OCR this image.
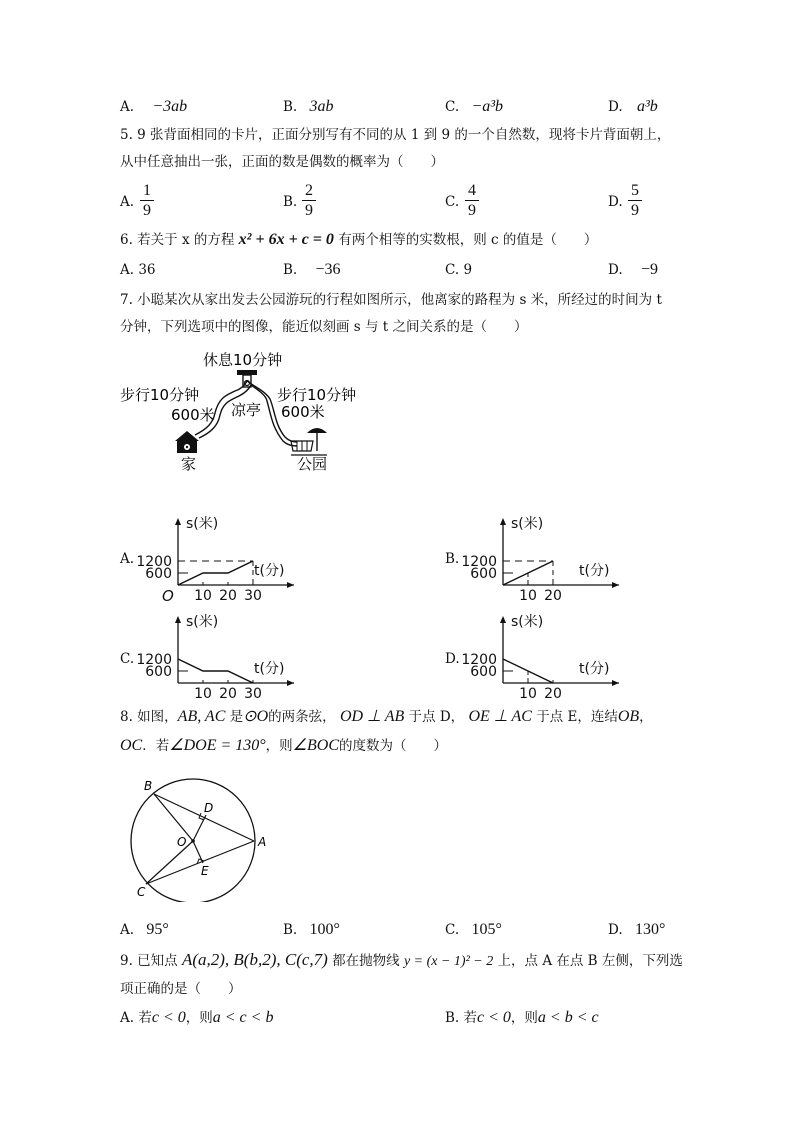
A. −3ab	B. 3ab	C. −a³b	D. a³b
5. 9 张背面相同的卡片，正面分别写有不同的从 1 到 9 的一个自然数，现将卡片背面朝上，
从中任意抽出一张，正面的数是偶数的概率为（　　）
A.
1
9	B.
2
9	C.
4
9	D.
5
9
6. 若关于 x 的方程 x² + 6x + c = 0 有两个相等的实数根，则 c 的值是（　　）
A. 36	B. −36	C. 9	D. −9
7. 小聪某次从家出发去公园游玩的行程如图所示，他离家的路程为 s 米，所经过的时间为 t
分钟，下列选项中的图像，能近似刻画 s 与 t 之间关系的是（　　）
休息10分钟
步行10分钟
600米 凉亭
步行10分钟
600米
家	公园
A.	B.
C.	D.
s(米)
t(分)
1200
600
10 20 30
O
s(米)
t(分)
1200
600
10 20
s(米)
t(分)
1200
600
10 20 30
s(米)
t(分)
1200
600
10 20
8. 如图，AB, AC 是⊙O的两条弦， OD ⊥ AB 于点 D， OE ⊥ AC 于点 E，连结OB，
OC．若∠DOE = 130°，则∠BOC的度数为（　　）
B
D
O	A
E
C
A. 95°	B. 100°	C. 105°	D. 130°
9. 已知点 A(a,2), B(b,2), C(c,7) 都在抛物线 y = (x − 1)² − 2 上，点 A 在点 B 左侧，下列选
项正确的是（　　）
A. 若c < 0，则a < c < b	B. 若c < 0，则a < b < c
